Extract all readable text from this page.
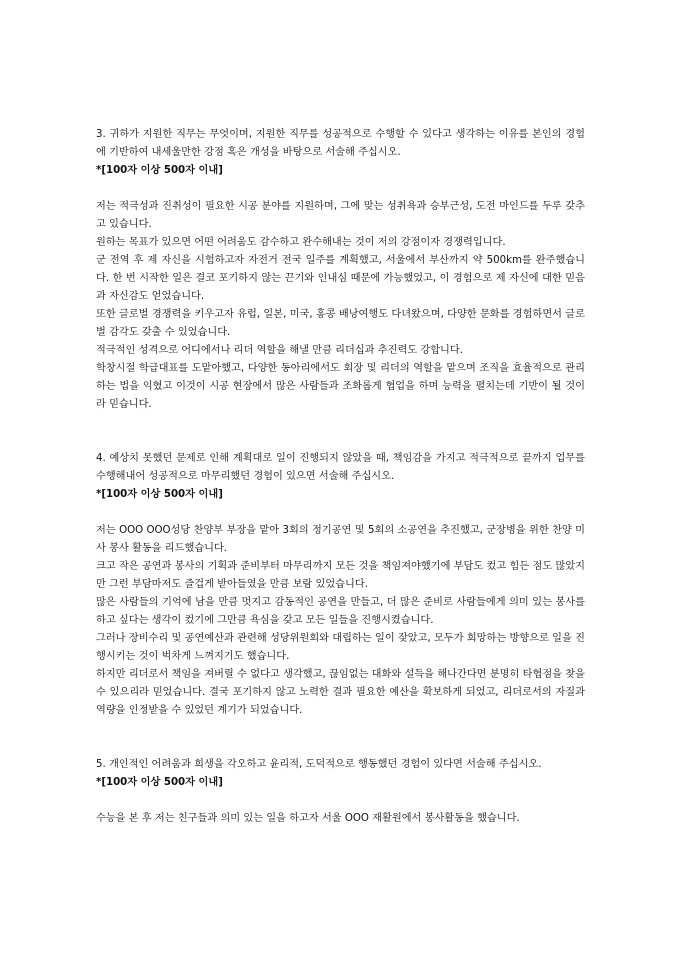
3. 귀하가 지원한 직무는 무엇이며, 지원한 직무를 성공적으로 수행할 수 있다고 생각하는 이유를 본인의 경험에 기반하여 내세울만한 강점 혹은 개성을 바탕으로 서술해 주십시오.

*[100자 이상 500자 이내]

저는 적극성과 진취성이 필요한 시공 분야를 지원하며, 그에 맞는 성취욕과 승부근성, 도전 마인드를 두루 갖추고 있습니다.

원하는 목표가 있으면 어떤 어려움도 감수하고 완수해내는 것이 저의 강점이자 경쟁력입니다.

군 전역 후 제 자신을 시험하고자 자전거 전국 일주를 계획했고, 서울에서 부산까지 약 500km를 완주했습니다. 한 번 시작한 일은 결코 포기하지 않는 끈기와 인내심 때문에 가능했었고, 이 경험으로 제 자신에 대한 믿음과 자신감도 얻었습니다.

또한 글로벌 경쟁력을 키우고자 유럽, 일본, 미국, 홍콩 배낭여행도 다녀왔으며, 다양한 문화를 경험하면서 글로벌 감각도 갖출 수 있었습니다.

적극적인 성격으로 어디에서나 리더 역할을 해낼 만큼 리더십과 추진력도 강합니다.

학창시절 학급대표를 도맡아했고, 다양한 동아리에서도 회장 및 리더의 역할을 맡으며 조직을 효율적으로 관리하는 법을 익혔고 이것이 시공 현장에서 많은 사람들과 조화롭게 협업을 하며 능력을 펼치는데 기반이 될 것이라 믿습니다.

4. 예상치 못했던 문제로 인해 계획대로 일이 진행되지 않았을 때, 책임감을 가지고 적극적으로 끝까지 업무를 수행해내어 성공적으로 마무리했던 경험이 있으면 서술해 주십시오.

*[100자 이상 500자 이내]

저는 OOO OOO성당 찬양부 부장을 맡아 3회의 정기공연 및 5회의 소공연을 추진했고, 군장병을 위한 찬양 미사 봉사 활동을 리드했습니다.

크고 작은 공연과 봉사의 기획과 준비부터 마무리까지 모든 것을 책임져야했기에 부담도 컸고 힘든 점도 많았지만 그런 부담마저도 즐겁게 받아들였을 만큼 보람 있었습니다.

많은 사람들의 기억에 남을 만큼 멋지고 감동적인 공연을 만들고, 더 많은 준비로 사람들에게 의미 있는 봉사를 하고 싶다는 생각이 컸기에 그만큼 욕심을 갖고 모든 일들을 진행시켰습니다.

그러나 장비수리 및 공연예산과 관련해 성당위원회와 대립하는 일이 잦았고, 모두가 희망하는 방향으로 일을 진행시키는 것이 벅차게 느껴지기도 했습니다.

하지만 리더로서 책임을 져버릴 수 없다고 생각했고, 끊임없는 대화와 설득을 해나간다면 분명히 타협점을 찾을 수 있으리라 믿었습니다. 결국 포기하지 않고 노력한 결과 필요한 예산을 확보하게 되었고, 리더로서의 자질과 역량을 인정받을 수 있었던 계기가 되었습니다.

5. 개인적인 어려움과 희생을 각오하고 윤리적, 도덕적으로 행동했던 경험이 있다면 서술해 주십시오.

*[100자 이상 500자 이내]

수능을 본 후 저는 친구들과 의미 있는 일을 하고자 서울 OOO 재활원에서 봉사활동을 했습니다.
